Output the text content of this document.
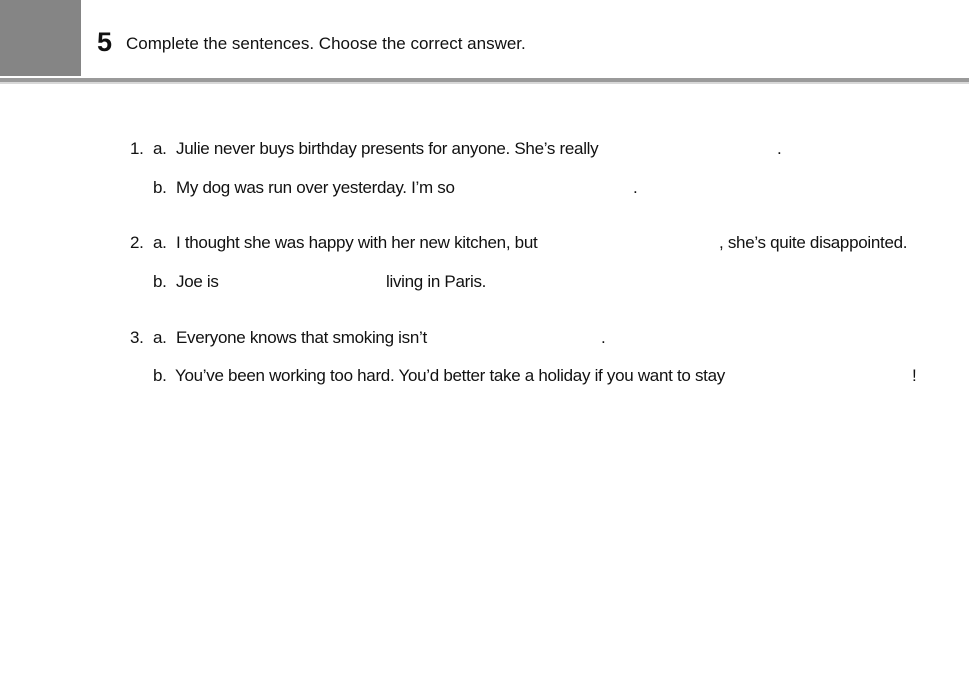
5 Complete the sentences. Choose the correct answer.
1. a. Julie never buys birthday presents for anyone. She’s really	.
b. My dog was run over yesterday. I’m so	.
2. a. I thought she was happy with her new kitchen, but	, she’s quite disappointed.
b. Joe is	living in Paris.
3. a. Everyone knows that smoking isn’t	.
b. You’ve been working too hard. You’d better take a holiday if you want to stay	!
